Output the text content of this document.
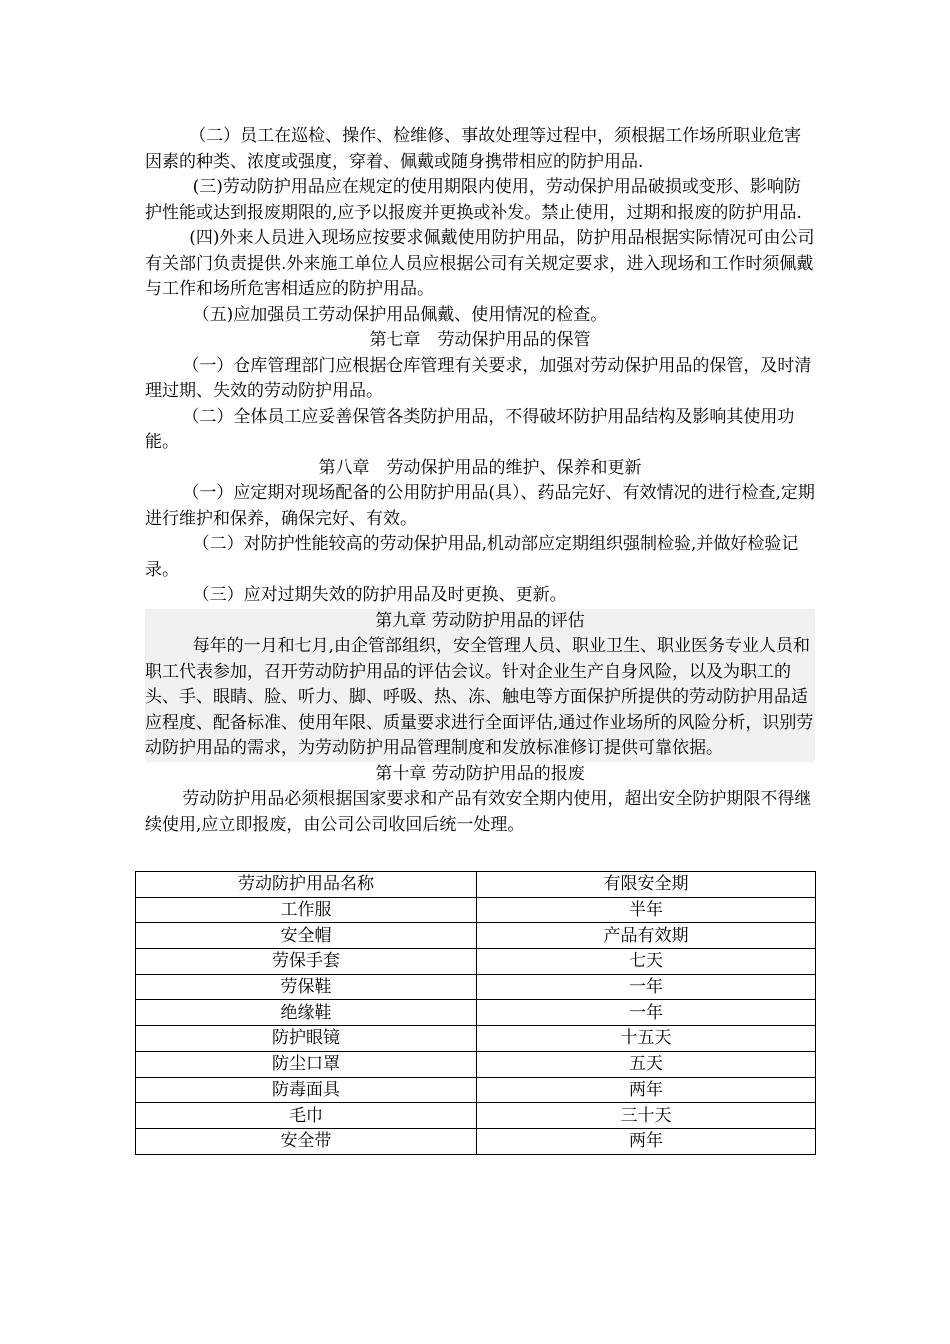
（二）员工在巡检、操作、检维修、事故处理等过程中，须根据工作场所职业危害因素的种类、浓度或强度，穿着、佩戴或随身携带相应的防护用品.

(三)劳动防护用品应在规定的使用期限内使用，劳动保护用品破损或变形、影响防护性能或达到报废期限的,应予以报废并更换或补发。禁止使用，过期和报废的防护用品.

(四)外来人员进入现场应按要求佩戴使用防护用品，防护用品根据实际情况可由公司有关部门负责提供.外来施工单位人员应根据公司有关规定要求，进入现场和工作时须佩戴与工作和场所危害相适应的防护用品。

（五)应加强员工劳动保护用品佩戴、使用情况的检查。

第七章　劳动保护用品的保管

（一）仓库管理部门应根据仓库管理有关要求，加强对劳动保护用品的保管，及时清理过期、失效的劳动防护用品。

（二）全体员工应妥善保管各类防护用品，不得破坏防护用品结构及影响其使用功能。

第八章　劳动保护用品的维护、保养和更新

（一）应定期对现场配备的公用防护用品(具）、药品完好、有效情况的进行检查,定期进行维护和保养，确保完好、有效。

（二）对防护性能较高的劳动保护用品,机动部应定期组织强制检验,并做好检验记录。

（三）应对过期失效的防护用品及时更换、更新。

第九章 劳动防护用品的评估

每年的一月和七月,由企管部组织，安全管理人员、职业卫生、职业医务专业人员和职工代表参加，召开劳动防护用品的评估会议。针对企业生产自身风险，以及为职工的头、手、眼睛、脸、听力、脚、呼吸、热、冻、触电等方面保护所提供的劳动防护用品适应程度、配备标准、使用年限、质量要求进行全面评估,通过作业场所的风险分析，识别劳动防护用品的需求，为劳动防护用品管理制度和发放标准修订提供可靠依据。

第十章 劳动防护用品的报废

劳动防护用品必须根据国家要求和产品有效安全期内使用，超出安全防护期限不得继续使用,应立即报废，由公司公司收回后统一处理。

劳动防护用品名称	有限安全期
工作服	半年
安全帽	产品有效期
劳保手套	七天
劳保鞋	一年
绝缘鞋	一年
防护眼镜	十五天
防尘口罩	五天
防毒面具	两年
毛巾	三十天
安全带	两年
